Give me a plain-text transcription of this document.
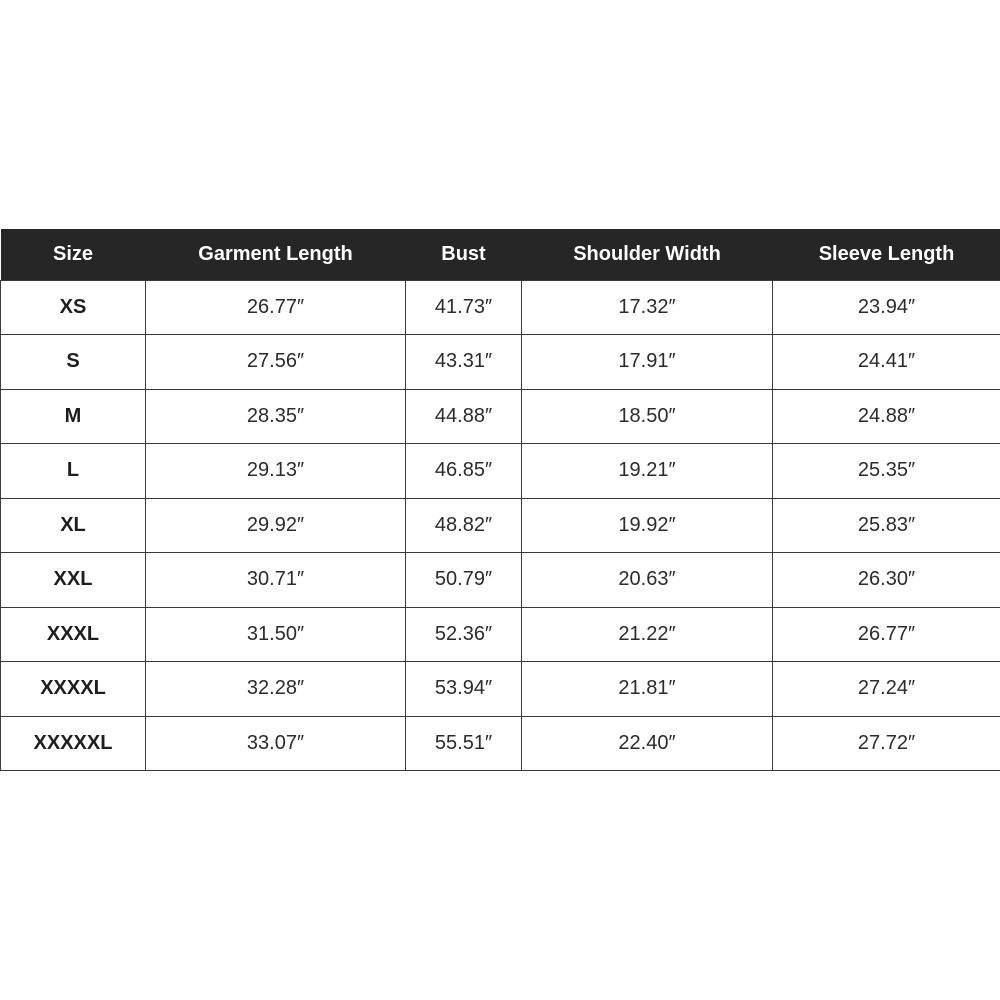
Size	Garment Length	Bust	Shoulder Width	Sleeve Length
XS	26.77″	41.73″	17.32″	23.94″
S	27.56″	43.31″	17.91″	24.41″
M	28.35″	44.88″	18.50″	24.88″
L	29.13″	46.85″	19.21″	25.35″
XL	29.92″	48.82″	19.92″	25.83″
XXL	30.71″	50.79″	20.63″	26.30″
XXXL	31.50″	52.36″	21.22″	26.77″
XXXXL	32.28″	53.94″	21.81″	27.24″
XXXXXL	33.07″	55.51″	22.40″	27.72″
